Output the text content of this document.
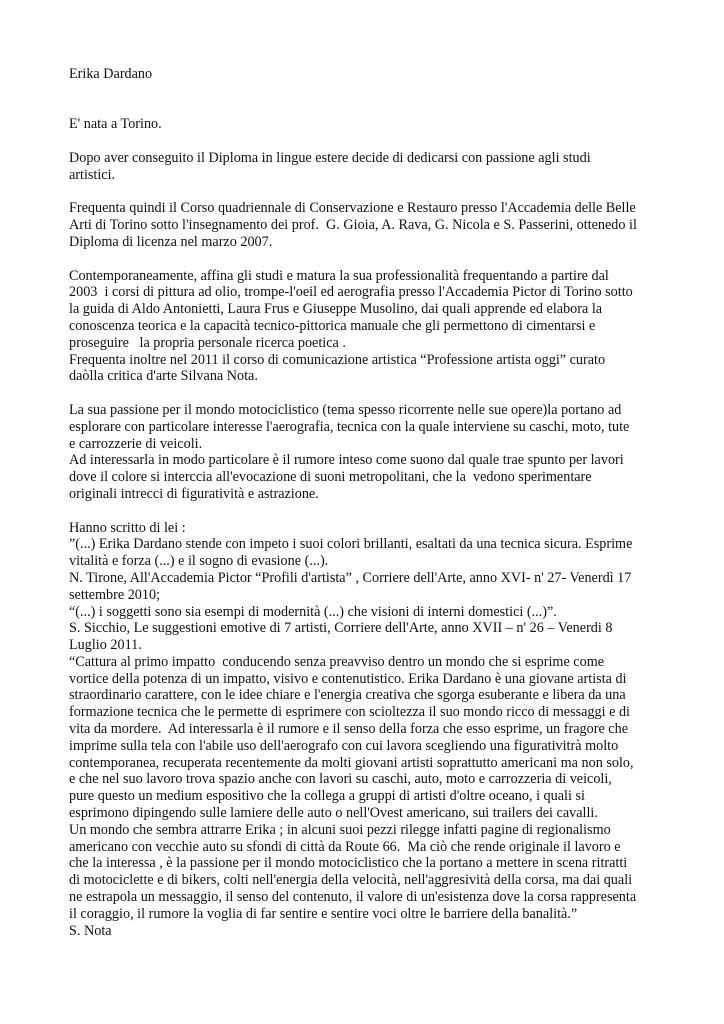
Erika Dardano

E' nata a Torino.

Dopo aver conseguito il Diploma in lingue estere decide di dedicarsi con passione agli studi
artistici.
Frequenta quindi il Corso quadriennale di Conservazione e Restauro presso l'Accademia delle Belle
Arti di Torino sotto l'insegnamento dei prof.  G. Gioia, A. Rava, G. Nicola e S. Passerini, ottenedo il
Diploma di licenza nel marzo 2007.
Contemporaneamente, affina gli studi e matura la sua professionalità frequentando a partire dal
2003  i corsi di pittura ad olio, trompe-l'oeil ed aerografia presso l'Accademia Pictor di Torino sotto
la guida di Aldo Antonietti, Laura Frus e Giuseppe Musolino, dai quali apprende ed elabora la
conoscenza teorica e la capacità tecnico-pittorica manuale che gli permettono di cimentarsi e
proseguire   la propria personale ricerca poetica .
Frequenta inoltre nel 2011 il corso di comunicazione artistica “Professione artista oggi” curato
daòlla critica d'arte Silvana Nota.
La sua passione per il mondo motociclistico (tema spesso ricorrente nelle sue opere)la portano ad
esplorare con particolare interesse l'aerografia, tecnica con la quale interviene su caschi, moto, tute
e carrozzerie di veicoli.
Ad interessarla in modo particolare è il rumore inteso come suono dal quale trae spunto per lavori
dove il colore si interccia all'evocazione di suoni metropolitani, che la  vedono sperimentare
originali intrecci di figuratività e astrazione.
Hanno scritto di lei :
”(...) Erika Dardano stende con impeto i suoi colori brillanti, esaltati da una tecnica sicura. Esprime
vitalità e forza (...) e il sogno di evasione (...).
N. Tirone, All'Accademia Pictor “Profili d'artista” , Corriere dell'Arte, anno XVI- n' 27- Venerdì 17
settembre 2010;
“(...) i soggetti sono sia esempi di modernità (...) che visioni di interni domestici (...)”.
S. Sicchio, Le suggestioni emotive di 7 artisti, Corriere dell'Arte, anno XVII – n' 26 – Venerdi 8
Luglio 2011.
“Cattura al primo impatto  conducendo senza preavviso dentro un mondo che si esprime come
vortice della potenza di un impatto, visivo e contenutistico. Erika Dardano è una giovane artista di
straordinario carattere, con le idee chiare e l'energia creativa che sgorga esuberante e libera da una
formazione tecnica che le permette di esprimere con scioltezza il suo mondo ricco di messaggi e di
vita da mordere.  Ad interessarla è il rumore e il senso della forza che esso esprime, un fragore che
imprime sulla tela con l'abile uso dell'aerografo con cui lavora scegliendo una figurativitrà molto
contemporanea, recuperata recentemente da molti giovani artisti soprattutto americani ma non solo,
e che nel suo lavoro trova spazio anche con lavori su caschi, auto, moto e carrozzeria di veicoli,
pure questo un medium espositivo che la collega a gruppi di artisti d'oltre oceano, i quali si
esprimono dipingendo sulle lamiere delle auto o nell'Ovest americano, sui trailers dei cavalli.
Un mondo che sembra attrarre Erika ; in alcuni suoi pezzi rilegge infatti pagine di regionalismo
americano con vecchie auto su sfondi di città da Route 66.  Ma ciò che rende originale il lavoro e
che la interessa , è la passione per il mondo motociclistico che la portano a mettere in scena ritratti
di motociclette e di bikers, colti nell'energia della velocità, nell'aggresività della corsa, ma dai quali
ne estrapola un messaggio, il senso del contenuto, il valore di un'esistenza dove la corsa rappresenta
il coraggio, il rumore la voglia di far sentire e sentire voci oltre le barriere della banalità.”
S. Nota
